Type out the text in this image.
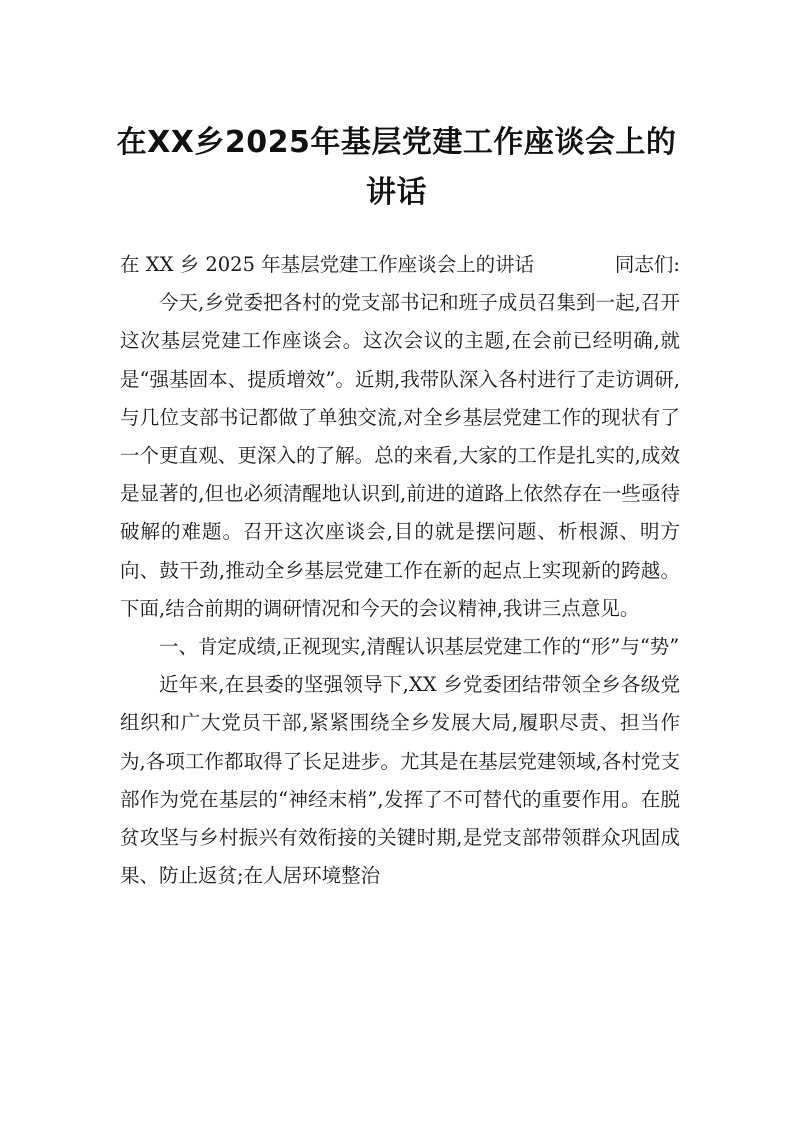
在XX乡2025年基层党建工作座谈会上的讲话
在 XX 乡 2025 年基层党建工作座谈会上的讲话	同志们:

今天,乡党委把各村的党支部书记和班子成员召集到一起,召开这次基层党建工作座谈会。这次会议的主题,在会前已经明确,就是“强基固本、提质增效”。近期,我带队深入各村进行了走访调研,与几位支部书记都做了单独交流,对全乡基层党建工作的现状有了一个更直观、更深入的了解。总的来看,大家的工作是扎实的,成效是显著的,但也必须清醒地认识到,前进的道路上依然存在一些亟待破解的难题。召开这次座谈会,目的就是摆问题、析根源、明方向、鼓干劲,推动全乡基层党建工作在新的起点上实现新的跨越。下面,结合前期的调研情况和今天的会议精神,我讲三点意见。

一、肯定成绩,正视现实,清醒认识基层党建工作的“形”与“势”

近年来,在县委的坚强领导下,XX 乡党委团结带领全乡各级党组织和广大党员干部,紧紧围绕全乡发展大局,履职尽责、担当作为,各项工作都取得了长足进步。尤其是在基层党建领域,各村党支部作为党在基层的“神经末梢”,发挥了不可替代的重要作用。在脱贫攻坚与乡村振兴有效衔接的关键时期,是党支部带领群众巩固成果、防止返贫;在人居环境整治
